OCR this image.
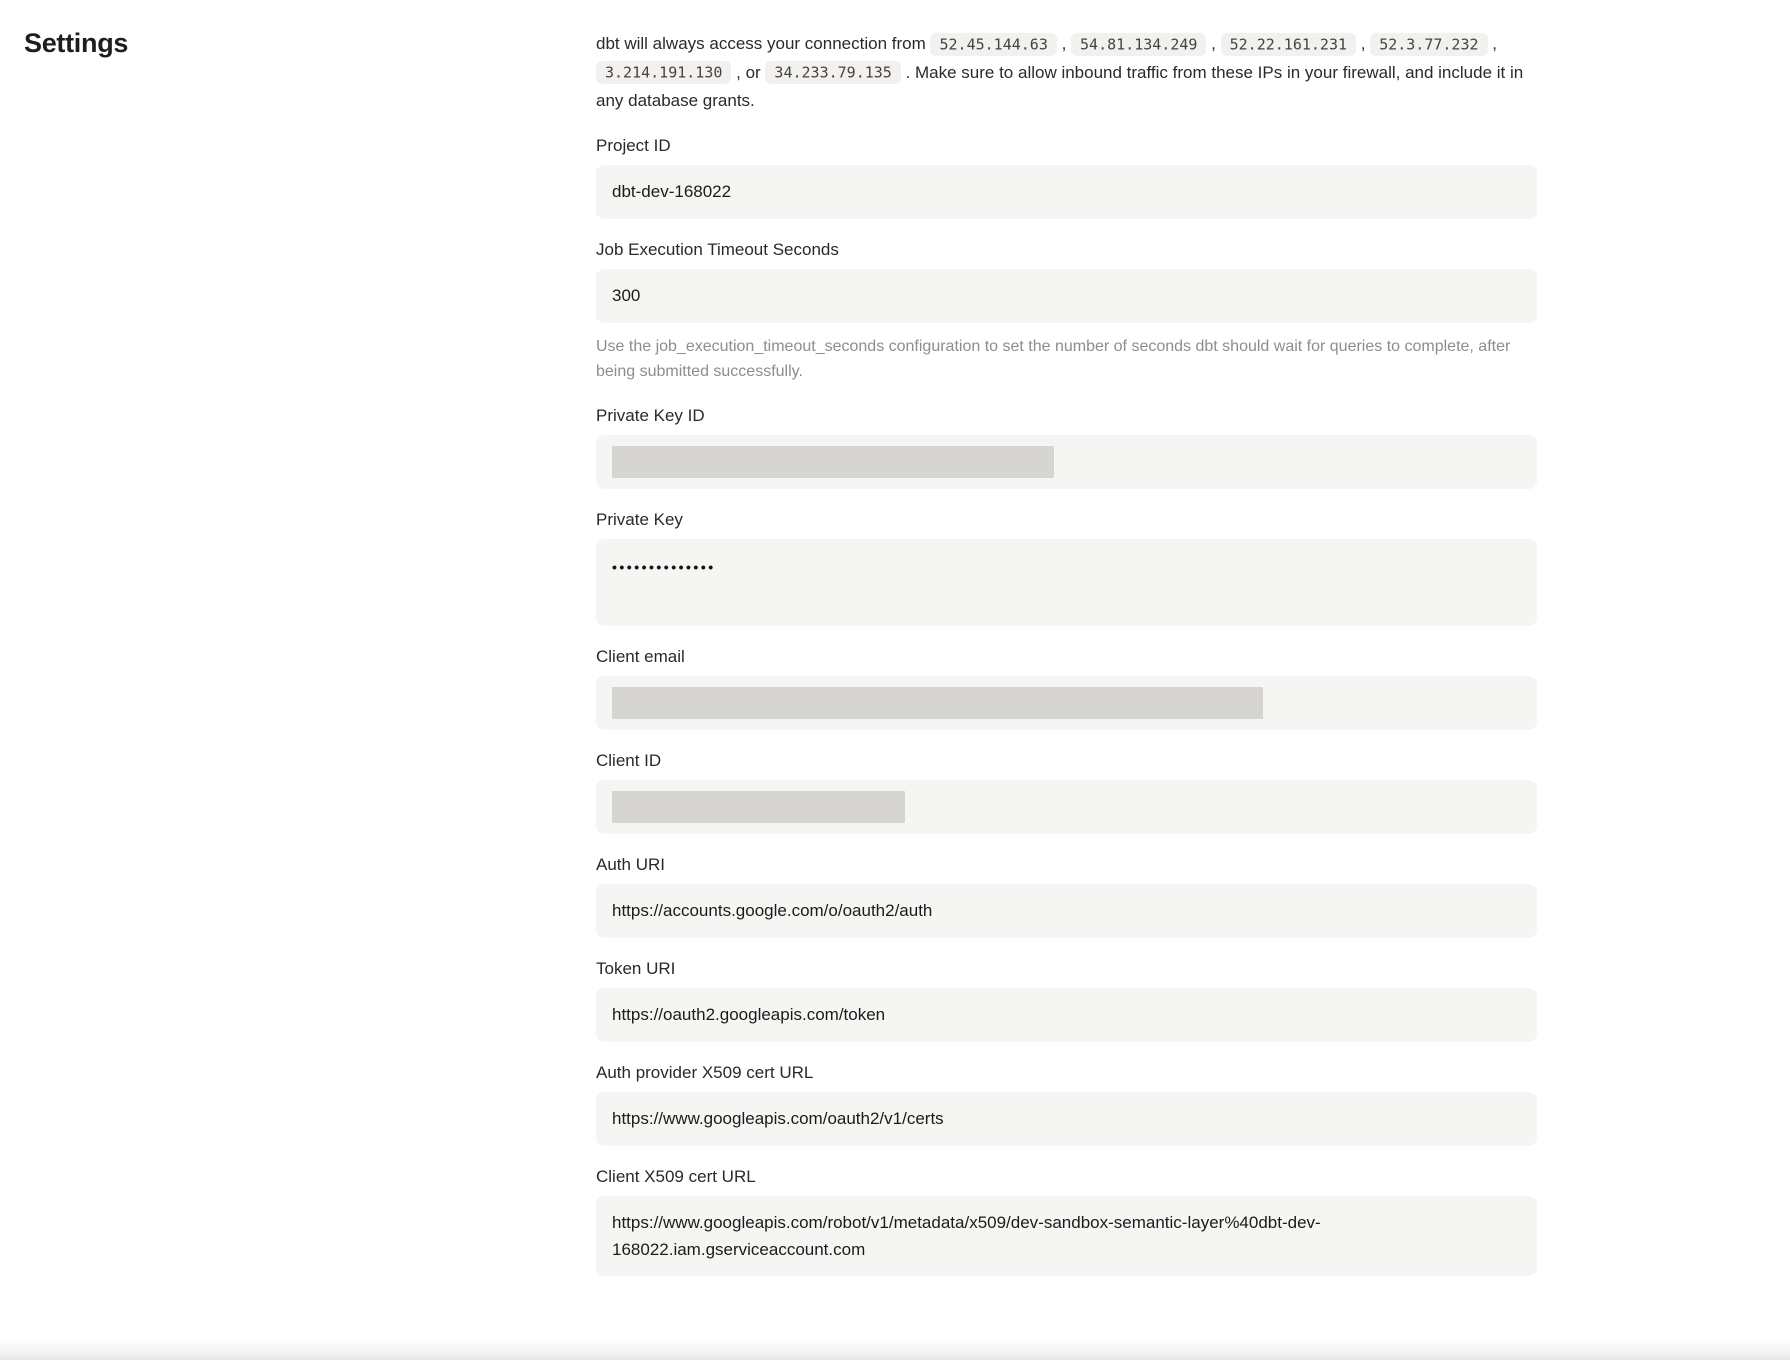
Settings	dbt will always access your connection from 52.45.144.63 , 54.81.134.249 , 52.22.161.231 , 52.3.77.232 , 3.214.191.130 , or 34.233.79.135 . Make sure to allow inbound traffic from these IPs in your firewall, and include it in any database grants.

Project ID
dbt-dev-168022
Job Execution Timeout Seconds
300
Use the job_execution_timeout_seconds configuration to set the number of seconds dbt should wait for queries to complete, after being submitted successfully.
Private Key ID
Private Key
••••••••••••••
Client email
Client ID
Auth URI
https://accounts.google.com/o/oauth2/auth
Token URI
https://oauth2.googleapis.com/token
Auth provider X509 cert URL
https://www.googleapis.com/oauth2/v1/certs
Client X509 cert URL
https://www.googleapis.com/robot/v1/metadata/x509/dev-sandbox-semantic-layer%40dbt-dev-168022.iam.gserviceaccount.com
